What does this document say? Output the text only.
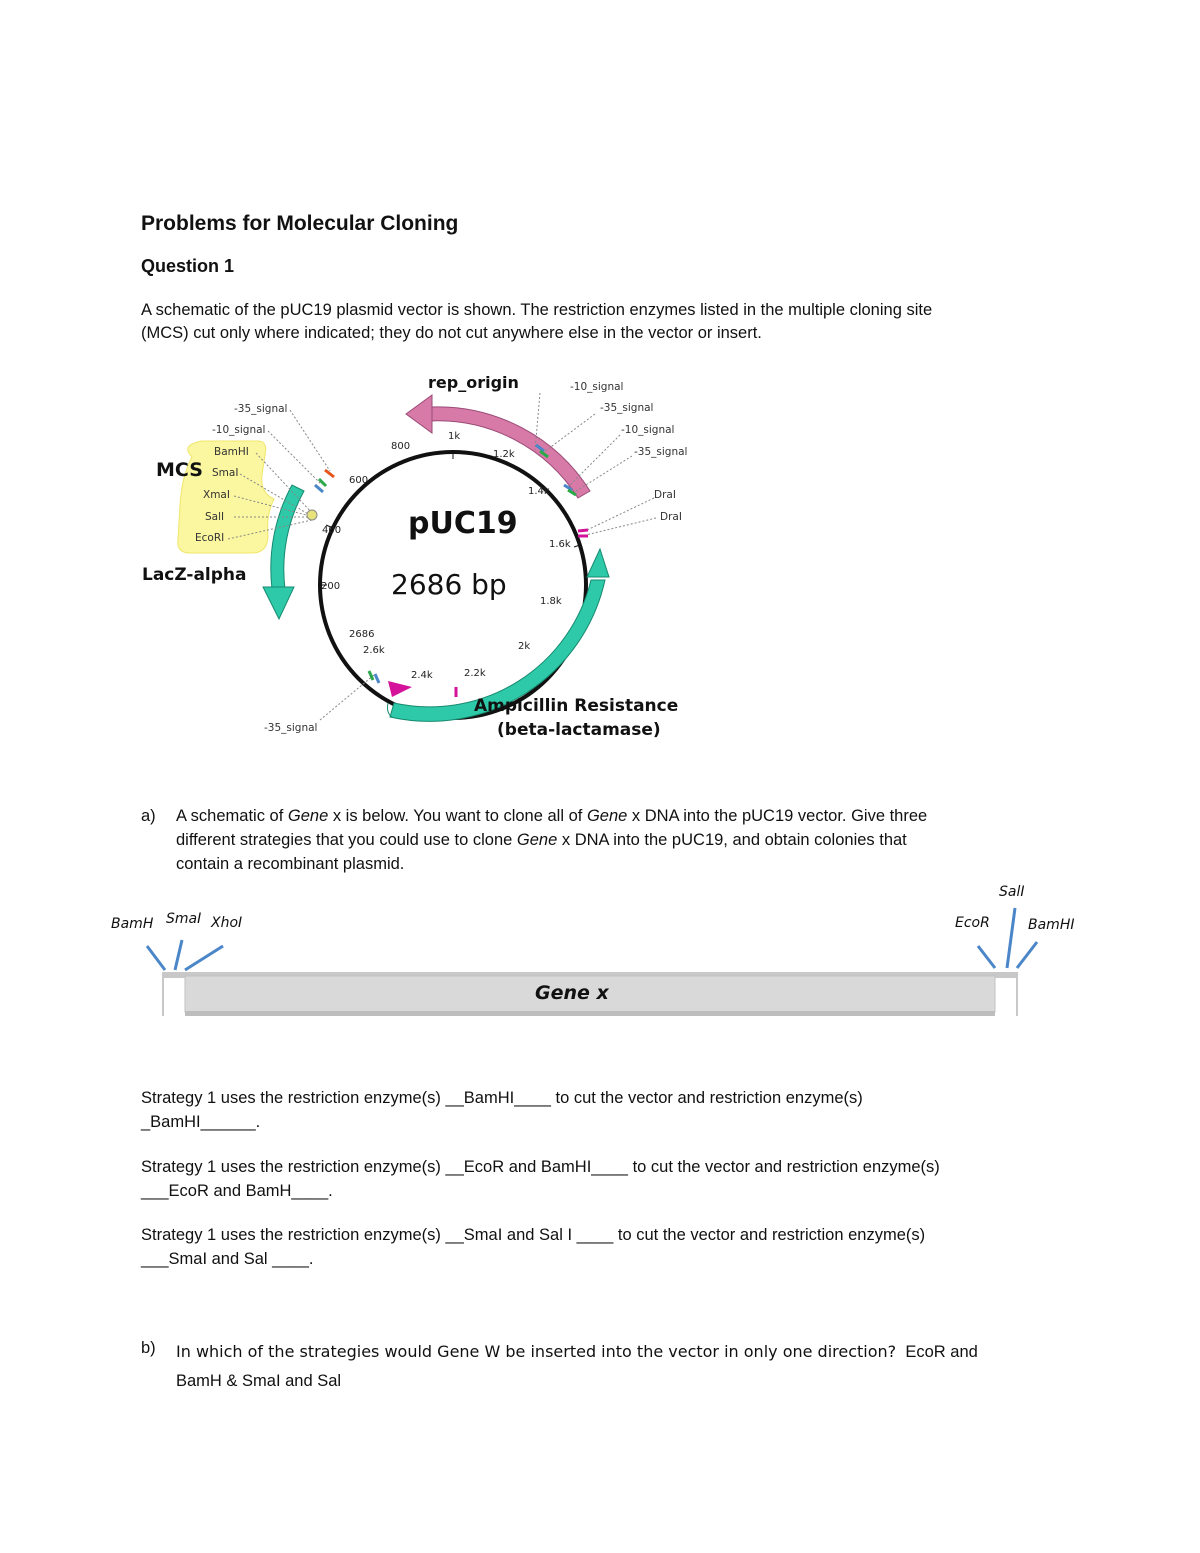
Problems for Molecular Cloning
Question 1
A schematic of the pUC19 plasmid vector is shown. The restriction enzymes listed in the multiple cloning site
(MCS) cut only where indicated; they do not cut anywhere else in the vector or insert.
1k
800
600
400
200
2686
2.6k
2.4k	2.2k
2k
1.8k
1.6k
1.4k
1.2k
pUC19
2686 bp
rep_origin
MCS
LacZ-alpha
Ampicillin Resistance
(beta-lactamase)
-35_signal
-10_signal
BamHI
SmaI
XmaI
SalI
EcoRI
-10_signal
-35_signal
-10_signal
-35_signal
DraI
DraI
-35_signal
a) A schematic of Gene x is below. You want to clone all of Gene x DNA into the pUC19 vector. Give three
different strategies that you could use to clone Gene x DNA into the pUC19, and obtain colonies that
contain a recombinant plasmid.
Gene x
BamH SmaI XhoI	EcoR
SalI
BamHI
Strategy 1 uses the restriction enzyme(s) __BamHI____ to cut the vector and restriction enzyme(s)
_BamHI______.
Strategy 1 uses the restriction enzyme(s) __EcoR and BamHI____ to cut the vector and restriction enzyme(s)
___EcoR and BamH____.
Strategy 1 uses the restriction enzyme(s) __SmaI and Sal I ____ to cut the vector and restriction enzyme(s)
___SmaI and Sal ____.
b) In which of the strategies would Gene W be inserted into the vector in only one direction? EcoR and
BamH & SmaI and Sal
